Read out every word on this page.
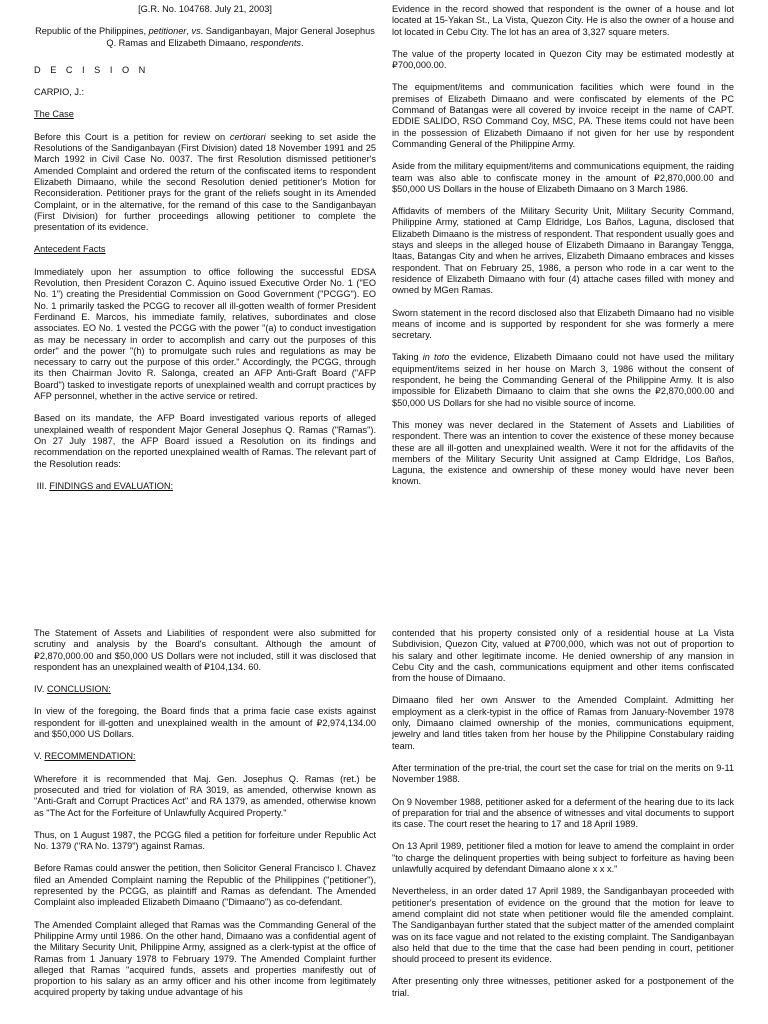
[G.R. No. 104768. July 21, 2003]

Republic of the Philippines, petitioner, vs. Sandiganbayan, Major General Josephus Q. Ramas and Elizabeth Dimaano, respondents.

D E C I S I O N

CARPIO, J.:

The Case

Before this Court is a petition for review on certiorari seeking to set aside the Resolutions of the Sandiganbayan (First Division) dated 18 November 1991 and 25 March 1992 in Civil Case No. 0037. The first Resolution dismissed petitioner's Amended Complaint and ordered the return of the confiscated items to respondent Elizabeth Dimaano, while the second Resolution denied petitioner's Motion for Reconsideration. Petitioner prays for the grant of the reliefs sought in its Amended Complaint, or in the alternative, for the remand of this case to the Sandiganbayan (First Division) for further proceedings allowing petitioner to complete the presentation of its evidence.

Antecedent Facts

Immediately upon her assumption to office following the successful EDSA Revolution, then President Corazon C. Aquino issued Executive Order No. 1 ("EO No. 1") creating the Presidential Commission on Good Government ("PCGG"). EO No. 1 primarily tasked the PCGG to recover all ill-gotten wealth of former President Ferdinand E. Marcos, his immediate family, relatives, subordinates and close associates. EO No. 1 vested the PCGG with the power "(a) to conduct investigation as may be necessary in order to accomplish and carry out the purposes of this order" and the power "(h) to promulgate such rules and regulations as may be necessary to carry out the purpose of this order." Accordingly, the PCGG, through its then Chairman Jovito R. Salonga, created an AFP Anti-Graft Board ("AFP Board") tasked to investigate reports of unexplained wealth and corrupt practices by AFP personnel, whether in the active service or retired.

Based on its mandate, the AFP Board investigated various reports of alleged unexplained wealth of respondent Major General Josephus Q. Ramas ("Ramas"). On 27 July 1987, the AFP Board issued a Resolution on its findings and recommendation on the reported unexplained wealth of Ramas. The relevant part of the Resolution reads:

III. FINDINGS and EVALUATION:

Evidence in the record showed that respondent is the owner of a house and lot located at 15-Yakan St., La Vista, Quezon City. He is also the owner of a house and lot located in Cebu City. The lot has an area of 3,327 square meters.

The value of the property located in Quezon City may be estimated modestly at ₽700,000.00.

The equipment/items and communication facilities which were found in the premises of Elizabeth Dimaano and were confiscated by elements of the PC Command of Batangas were all covered by invoice receipt in the name of CAPT. EDDIE SALIDO, RSO Command Coy, MSC, PA. These items could not have been in the possession of Elizabeth Dimaano if not given for her use by respondent Commanding General of the Philippine Army.

Aside from the military equipment/items and communications equipment, the raiding team was also able to confiscate money in the amount of ₽2,870,000.00 and $50,000 US Dollars in the house of Elizabeth Dimaano on 3 March 1986.

Affidavits of members of the Military Security Unit, Military Security Command, Philippine Army, stationed at Camp Eldridge, Los Baños, Laguna, disclosed that Elizabeth Dimaano is the mistress of respondent. That respondent usually goes and stays and sleeps in the alleged house of Elizabeth Dimaano in Barangay Tengga, Itaas, Batangas City and when he arrives, Elizabeth Dimaano embraces and kisses respondent. That on February 25, 1986, a person who rode in a car went to the residence of Elizabeth Dimaano with four (4) attache cases filled with money and owned by MGen Ramas.

Sworn statement in the record disclosed also that Elizabeth Dimaano had no visible means of income and is supported by respondent for she was formerly a mere secretary.

Taking in toto the evidence, Elizabeth Dimaano could not have used the military equipment/items seized in her house on March 3, 1986 without the consent of respondent, he being the Commanding General of the Philippine Army. It is also impossible for Elizabeth Dimaano to claim that she owns the ₽2,870,000.00 and $50,000 US Dollars for she had no visible source of income.

This money was never declared in the Statement of Assets and Liabilities of respondent. There was an intention to cover the existence of these money because these are all ill-gotten and unexplained wealth. Were it not for the affidavits of the members of the Military Security Unit assigned at Camp Eldridge, Los Baños, Laguna, the existence and ownership of these money would have never been known.

The Statement of Assets and Liabilities of respondent were also submitted for scrutiny and analysis by the Board's consultant. Although the amount of ₽2,870,000.00 and $50,000 US Dollars were not included, still it was disclosed that respondent has an unexplained wealth of ₽104,134. 60.

IV. CONCLUSION:

In view of the foregoing, the Board finds that a prima facie case exists against respondent for ill-gotten and unexplained wealth in the amount of ₽2,974,134.00 and $50,000 US Dollars.

V. RECOMMENDATION:

Wherefore it is recommended that Maj. Gen. Josephus Q. Ramas (ret.) be prosecuted and tried for violation of RA 3019, as amended, otherwise known as "Anti-Graft and Corrupt Practices Act" and RA 1379, as amended, otherwise known as "The Act for the Forfeiture of Unlawfully Acquired Property."

Thus, on 1 August 1987, the PCGG filed a petition for forfeiture under Republic Act No. 1379 ("RA No. 1379") against Ramas.

Before Ramas could answer the petition, then Solicitor General Francisco I. Chavez filed an Amended Complaint naming the Republic of the Philippines ("petitioner"), represented by the PCGG, as plaintiff and Ramas as defendant. The Amended Complaint also impleaded Elizabeth Dimaano ("Dimaano") as co-defendant.

The Amended Complaint alleged that Ramas was the Commanding General of the Philippine Army until 1986. On the other hand, Dimaano was a confidential agent of the Military Security Unit, Philippine Army, assigned as a clerk-typist at the office of Ramas from 1 January 1978 to February 1979. The Amended Complaint further alleged that Ramas "acquired funds, assets and properties manifestly out of proportion to his salary as an army officer and his other income from legitimately acquired property by taking undue advantage of his

contended that his property consisted only of a residential house at La Vista Subdivision, Quezon City, valued at ₽700,000, which was not out of proportion to his salary and other legitimate income. He denied ownership of any mansion in Cebu City and the cash, communications equipment and other items confiscated from the house of Dimaano.

Dimaano filed her own Answer to the Amended Complaint. Admitting her employment as a clerk-typist in the office of Ramas from January-November 1978 only, Dimaano claimed ownership of the monies, communications equipment, jewelry and land titles taken from her house by the Philippine Constabulary raiding team.

After termination of the pre-trial, the court set the case for trial on the merits on 9-11 November 1988.

On 9 November 1988, petitioner asked for a deferment of the hearing due to its lack of preparation for trial and the absence of witnesses and vital documents to support its case. The court reset the hearing to 17 and 18 April 1989.

On 13 April 1989, petitioner filed a motion for leave to amend the complaint in order "to charge the delinquent properties with being subject to forfeiture as having been unlawfully acquired by defendant Dimaano alone x x x."

Nevertheless, in an order dated 17 April 1989, the Sandiganbayan proceeded with petitioner's presentation of evidence on the ground that the motion for leave to amend complaint did not state when petitioner would file the amended complaint. The Sandiganbayan further stated that the subject matter of the amended complaint was on its face vague and not related to the existing complaint. The Sandiganbayan also held that due to the time that the case had been pending in court, petitioner should proceed to present its evidence.

After presenting only three witnesses, petitioner asked for a postponement of the trial.
